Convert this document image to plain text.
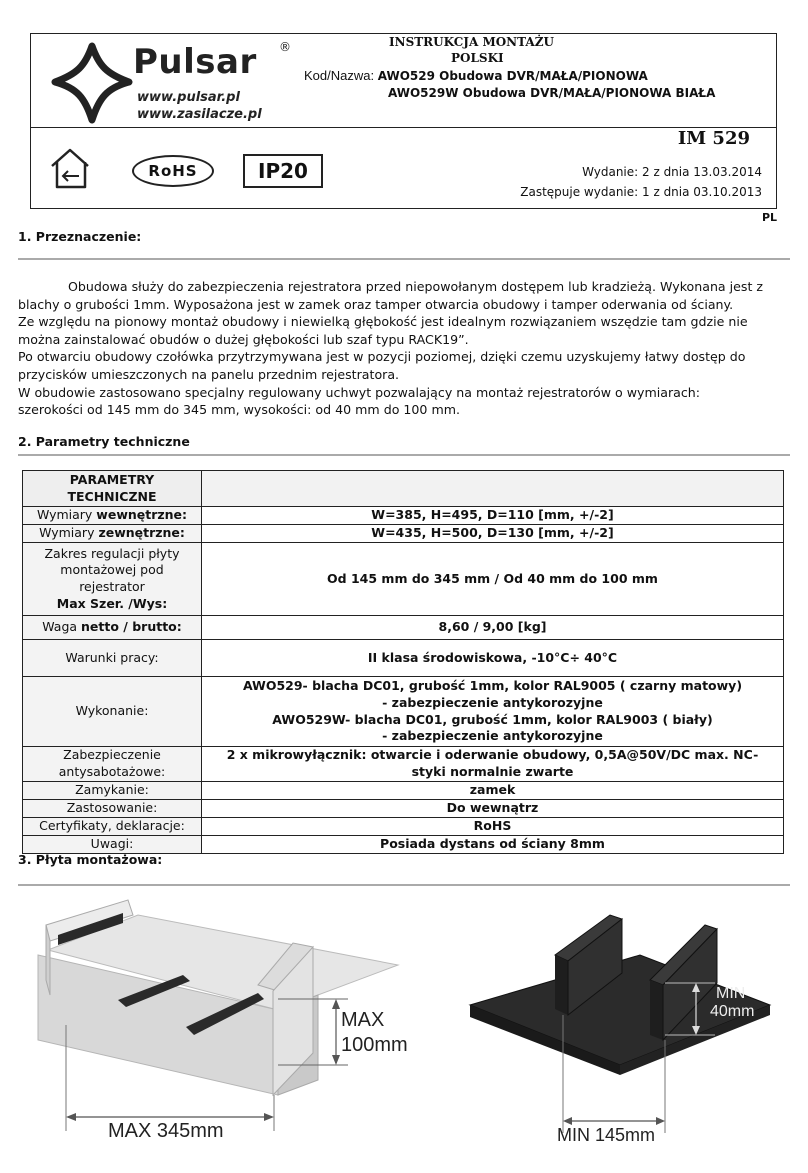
Pulsar ®
www.pulsar.pl
www.zasilacze.pl
INSTRUKCJA MONTAŻU
POLSKI
Kod/Nazwa: AWO529 Obudowa DVR/MAŁA/PIONOWA
AWO529W Obudowa DVR/MAŁA/PIONOWA BIAŁA
RoHS	IP20
IM 529
Wydanie: 2 z dnia 13.03.2014
Zastępuje wydanie: 1 z dnia 03.10.2013
PL
1. Przeznaczenie:
Obudowa służy do zabezpieczenia rejestratora przed niepowołanym dostępem lub kradzieżą. Wykonana jest z
blachy o grubości 1mm. Wyposażona jest w zamek oraz tamper otwarcia obudowy i tamper oderwania od ściany.
Ze względu na pionowy montaż obudowy i niewielką głębokość jest idealnym rozwiązaniem wszędzie tam gdzie nie
można zainstalować obudów o dużej głębokości lub szaf typu RACK19”.
Po otwarciu obudowy czołówka przytrzymywana jest w pozycji poziomej, dzięki czemu uzyskujemy łatwy dostęp do
przycisków umieszczonych na panelu przednim rejestratora.
W obudowie zastosowano specjalny regulowany uchwyt pozwalający na montaż rejestratorów o wymiarach:
szerokości od 145 mm do 345 mm, wysokości: od 40 mm do 100 mm.
2. Parametry techniczne
PARAMETRY TECHNICZNE	
Wymiary wewnętrzne:	W=385, H=495, D=110 [mm, +/-2]
Wymiary zewnętrzne:	W=435, H=500, D=130 [mm, +/-2]
Zakres regulacji płyty montażowej pod rejestrator
Max Szer. /Wys:	Od 145 mm do 345 mm / Od 40 mm do 100 mm
Waga netto / brutto:	8,60 / 9,00 [kg]
Warunki pracy:	II klasa środowiskowa, -10°C÷ 40°C
Wykonanie:	AWO529- blacha DC01, grubość 1mm, kolor RAL9005 ( czarny matowy)
- zabezpieczenie antykorozyjne
AWO529W- blacha DC01, grubość 1mm, kolor RAL9003 ( biały)
- zabezpieczenie antykorozyjne
Zabezpieczenie antysabotażowe:	2 x mikrowyłącznik: otwarcie i oderwanie obudowy, 0,5A@50V/DC max. NC-styki normalnie zwarte
Zamykanie:	zamek
Zastosowanie:	Do wewnątrz
Certyfikaty, deklaracje:	RoHS
Uwagi:	Posiada dystans od ściany 8mm
3. Płyta montażowa:
MAX
100mm
MAX 345mm
MIN
40mm
MIN 145mm
